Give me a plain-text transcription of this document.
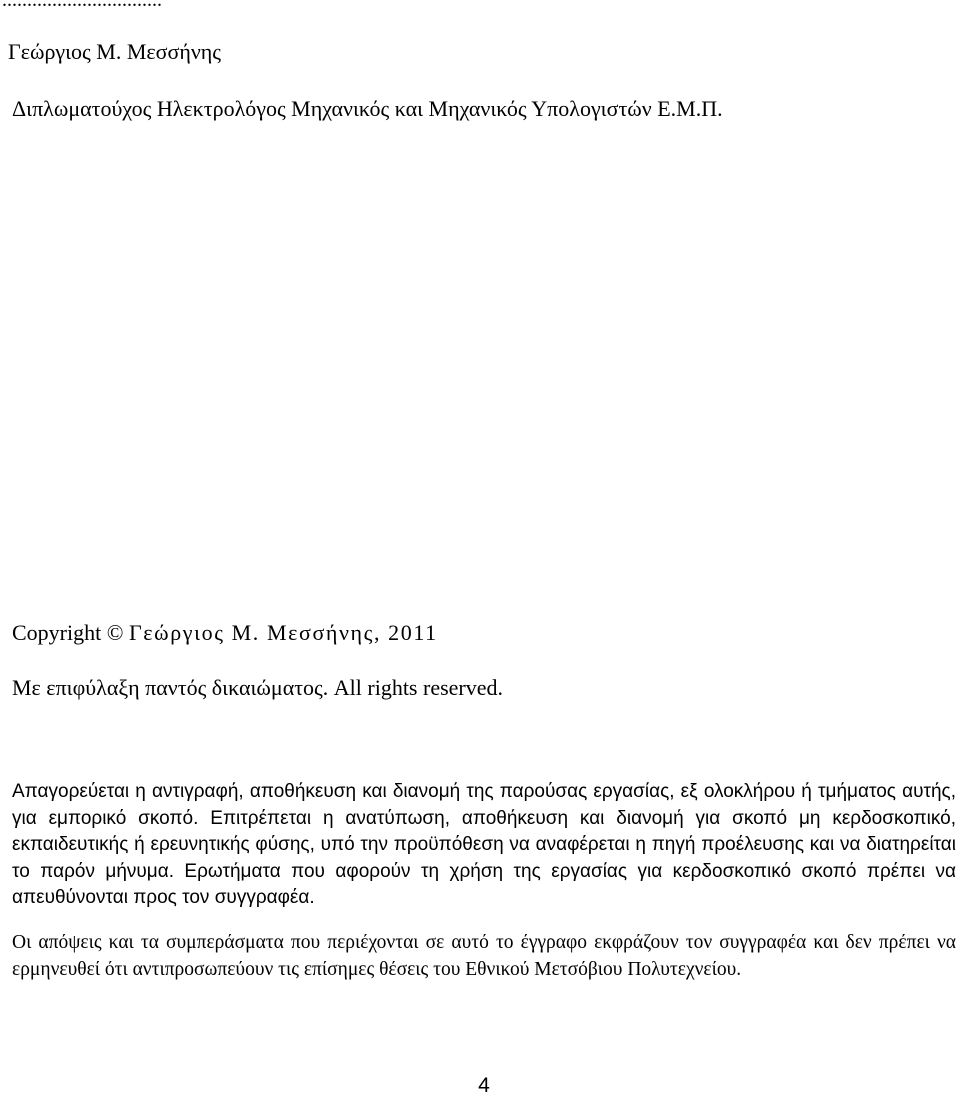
................................
Γεώργιος Μ. Μεσσήνης
Διπλωματούχος Ηλεκτρολόγος Μηχανικός και Μηχανικός Υπολογιστών Ε.Μ.Π.
Copyright © Γεώργιος Μ. Μεσσήνης, 2011
Με επιφύλαξη παντός δικαιώματος. All rights reserved.
Απαγορεύεται η αντιγραφή, αποθήκευση και διανομή της παρούσας εργασίας, εξ ολοκλήρου ή τμήματος αυτής, για εμπορικό σκοπό. Επιτρέπεται η ανατύπωση, αποθήκευση και διανομή για σκοπό μη κερδοσκοπικό, εκπαιδευτικής ή ερευνητικής φύσης, υπό την προϋπόθεση να αναφέρεται η πηγή προέλευσης και να διατηρείται το παρόν μήνυμα. Ερωτήματα που αφορούν τη χρήση της εργασίας για κερδοσκοπικό σκοπό πρέπει να απευθύνονται προς τον συγγραφέα.
Οι απόψεις και τα συμπεράσματα που περιέχονται σε αυτό το έγγραφο εκφράζουν τον συγγραφέα και δεν πρέπει να ερμηνευθεί ότι αντιπροσωπεύουν τις επίσημες θέσεις του Εθνικού Μετσόβιου Πολυτεχνείου.
4
